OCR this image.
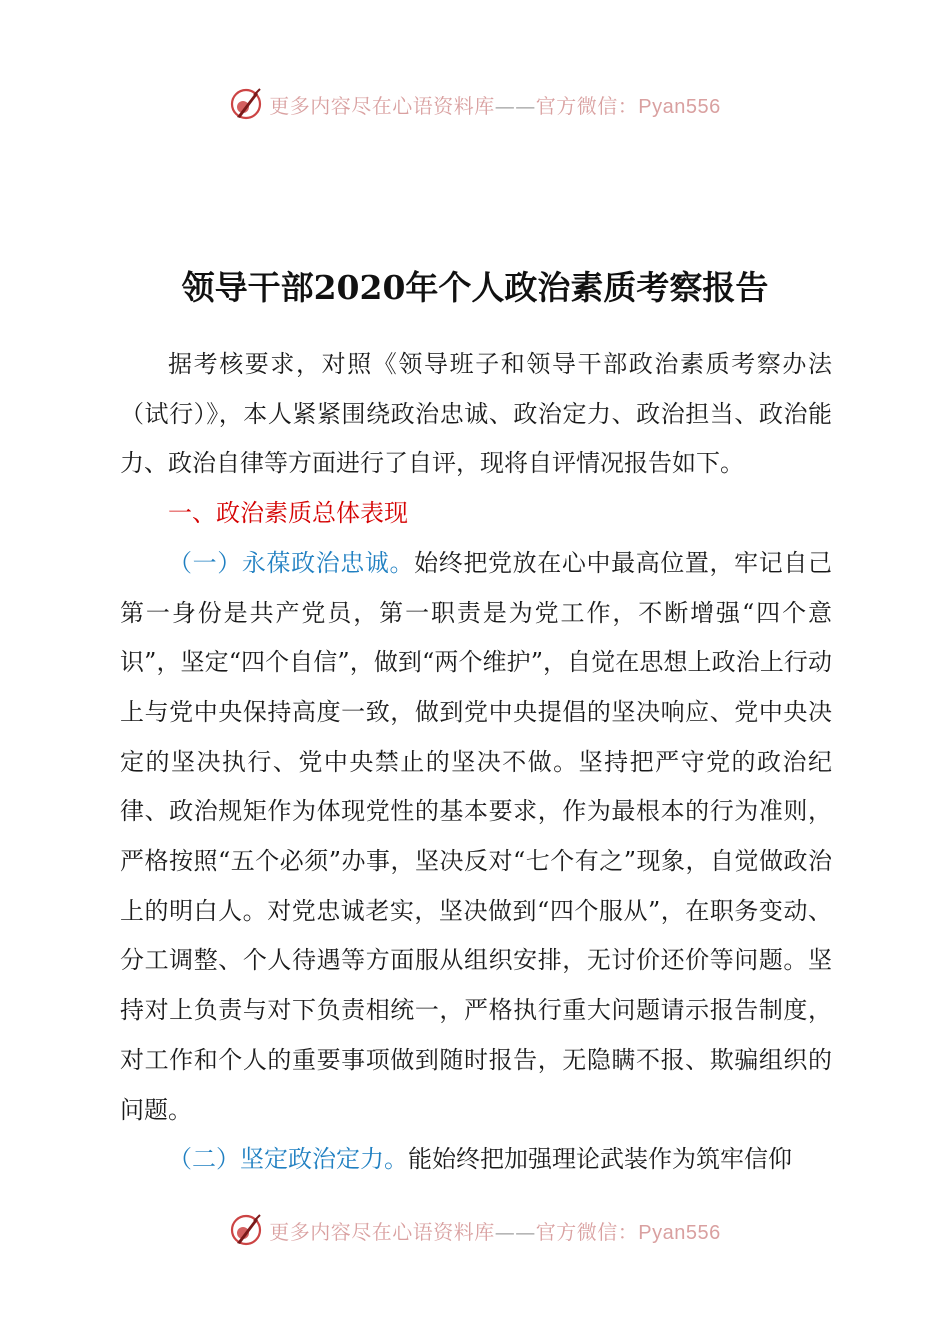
更多内容尽在心语资料库——官方微信：Pyan556
领导干部2020年个人政治素质考察报告

据考核要求，对照《领导班子和领导干部政治素质考察办法（试行）》，本人紧紧围绕政治忠诚、政治定力、政治担当、政治能力、政治自律等方面进行了自评，现将自评情况报告如下。

一、政治素质总体表现

（一）永葆政治忠诚。始终把党放在心中最高位置，牢记自己第一身份是共产党员，第一职责是为党工作，不断增强“四个意识”，坚定“四个自信”，做到“两个维护”，自觉在思想上政治上行动上与党中央保持高度一致，做到党中央提倡的坚决响应、党中央决定的坚决执行、党中央禁止的坚决不做。坚持把严守党的政治纪律、政治规矩作为体现党性的基本要求，作为最根本的行为准则，严格按照“五个必须”办事，坚决反对“七个有之”现象，自觉做政治上的明白人。对党忠诚老实，坚决做到“四个服从”，在职务变动、分工调整、个人待遇等方面服从组织安排，无讨价还价等问题。坚持对上负责与对下负责相统一，严格执行重大问题请示报告制度，对工作和个人的重要事项做到随时报告，无隐瞒不报、欺骗组织的问题。

（二）坚定政治定力。能始终把加强理论武装作为筑牢信仰

更多内容尽在心语资料库——官方微信：Pyan556
